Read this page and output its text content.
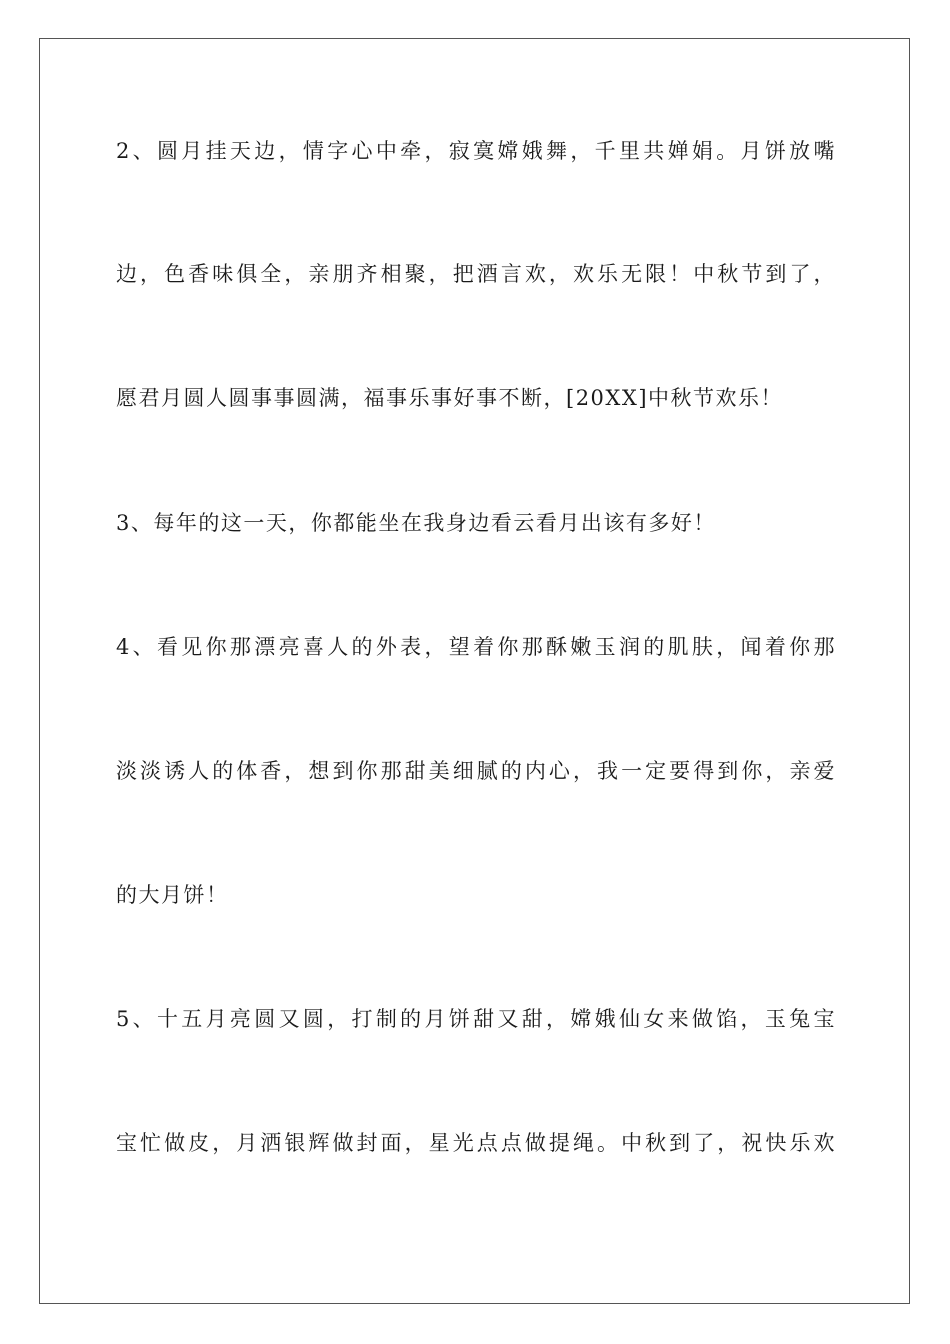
2、圆月挂天边，情字心中牵，寂寞嫦娥舞，千里共婵娟。月饼放嘴
边，色香味俱全，亲朋齐相聚，把酒言欢，欢乐无限！中秋节到了，
愿君月圆人圆事事圆满，福事乐事好事不断，[20XX]中秋节欢乐！
3、每年的这一天，你都能坐在我身边看云看月出该有多好！
4、看见你那漂亮喜人的外表，望着你那酥嫩玉润的肌肤，闻着你那
淡淡诱人的体香，想到你那甜美细腻的内心，我一定要得到你，亲爱
的大月饼！
5、十五月亮圆又圆，打制的月饼甜又甜，嫦娥仙女来做馅，玉兔宝
宝忙做皮，月洒银辉做封面，星光点点做提绳。中秋到了，祝快乐欢
